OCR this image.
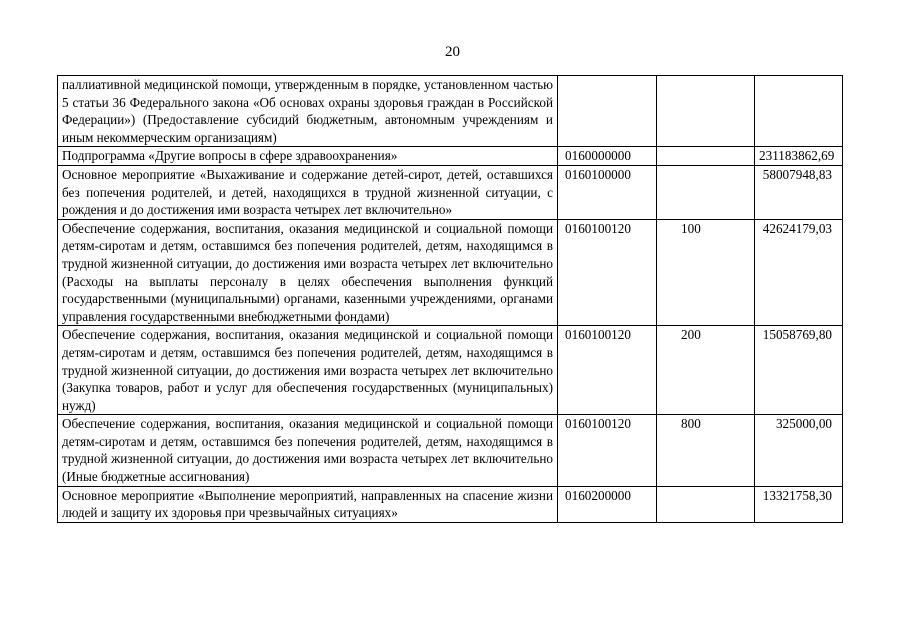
20
паллиативной медицинской помощи, утвержденным в порядке, установленном частью 5 статьи 36 Федерального закона «Об основах охраны здоровья граждан в Российской Федерации») (Предоставление субсидий бюджетным, автономным учреждениям и иным некоммерческим организациям)			
Подпрограмма «Другие вопросы в сфере здравоохранения»	0160000000		231183862,69
Основное мероприятие «Выхаживание и содержание детей-сирот, детей, оставшихся без попечения родителей, и детей, находящихся в трудной жизненной ситуации, с рождения и до достижения ими возраста четырех лет включительно»	0160100000		58007948,83
Обеспечение содержания, воспитания, оказания медицинской и социальной помощи детям-сиротам и детям, оставшимся без попечения родителей, детям, находящимся в трудной жизненной ситуации, до достижения ими возраста четырех лет включительно (Расходы на выплаты персоналу в целях обеспечения выполнения функций государственными (муниципальными) органами, казенными учреждениями, органами управления государственными внебюджетными фондами)	0160100120	100	42624179,03
Обеспечение содержания, воспитания, оказания медицинской и социальной помощи детям-сиротам и детям, оставшимся без попечения родителей, детям, находящимся в трудной жизненной ситуации, до достижения ими возраста четырех лет включительно (Закупка товаров, работ и услуг для обеспечения государственных (муниципальных) нужд)	0160100120	200	15058769,80
Обеспечение содержания, воспитания, оказания медицинской и социальной помощи детям-сиротам и детям, оставшимся без попечения родителей, детям, находящимся в трудной жизненной ситуации, до достижения ими возраста четырех лет включительно (Иные бюджетные ассигнования)	0160100120	800	325000,00
Основное мероприятие «Выполнение мероприятий, направленных на спасение жизни людей и защиту их здоровья при чрезвычайных ситуациях»	0160200000		13321758,30
